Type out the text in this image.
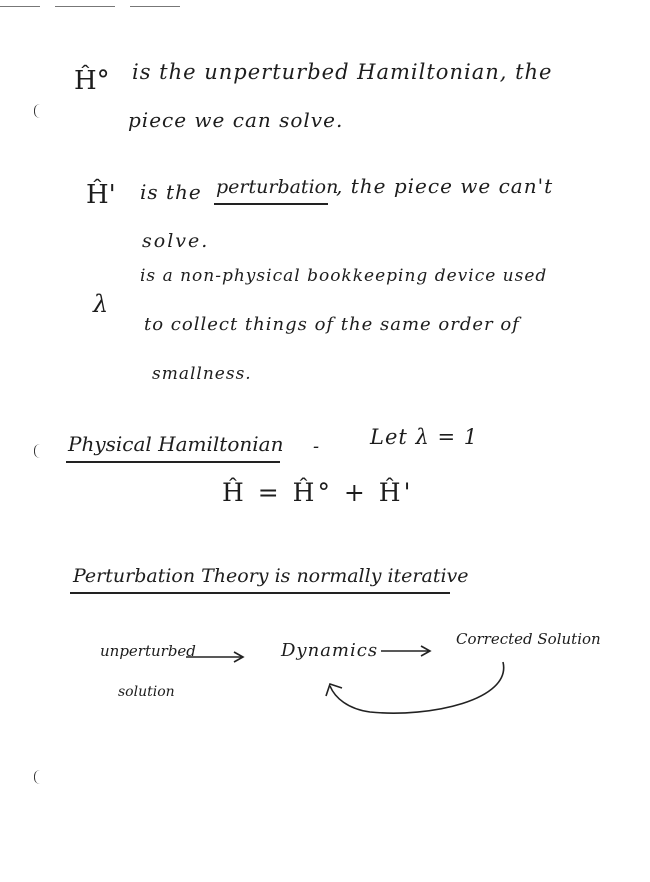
Ĥ° is the unperturbed Hamiltonian, the
piece we can solve.
Ĥ' is the perturbation
, the piece we can't
solve.
λ
is a non-physical bookkeeping device used
to collect things of the same order of
smallness.
Physical Hamiltonian - Let λ = 1
Ĥ = Ĥ° + Ĥ'
Perturbation Theory is normally iterative
unperturbed
solution
Dynamics
Corrected Solution
